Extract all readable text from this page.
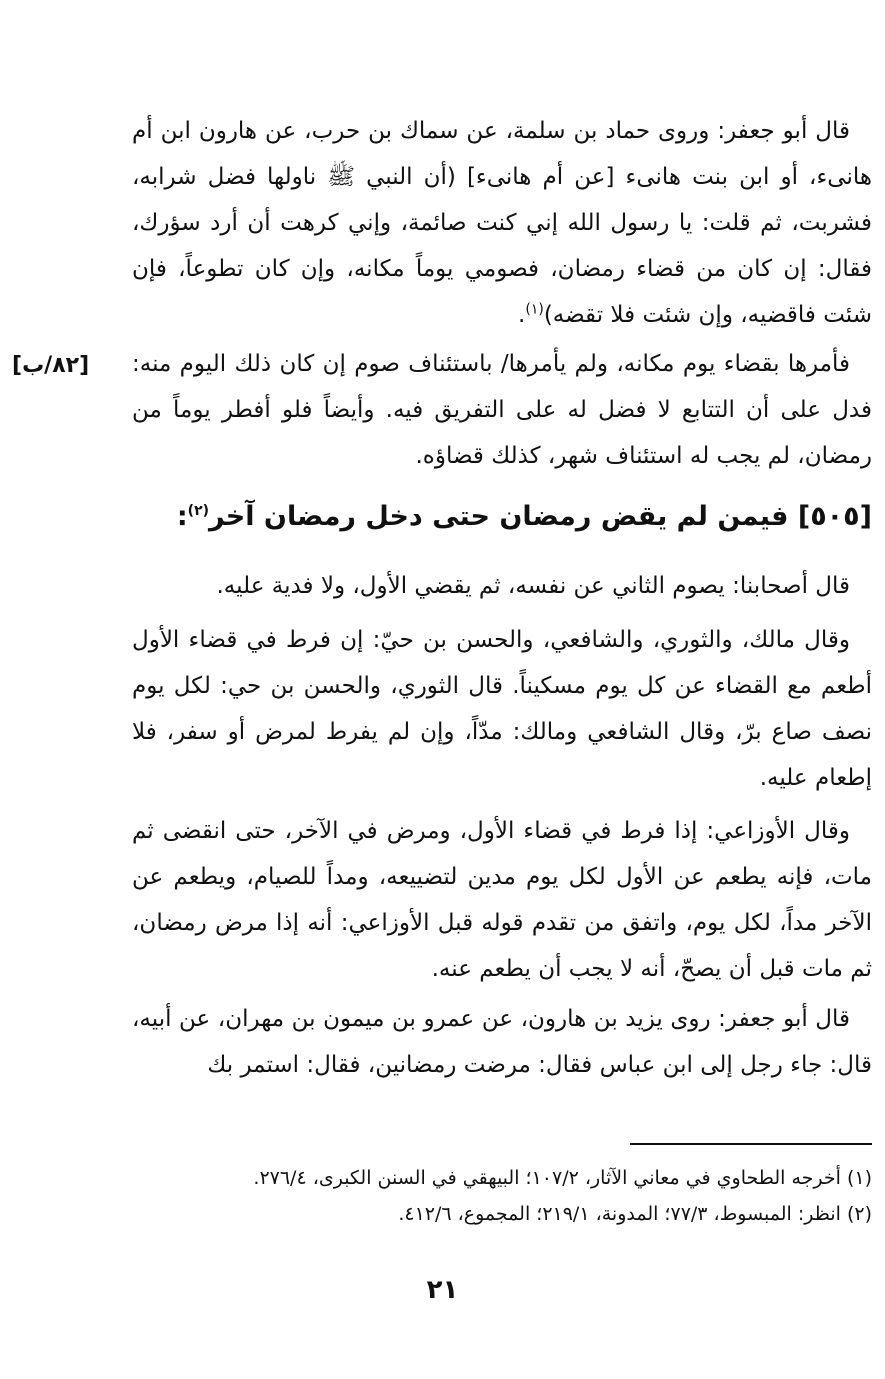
قال أبو جعفر: وروى حماد بن سلمة، عن سماك بن حرب، عن هارون ابن أم هانىء، أو ابن بنت هانىء [عن أم هانىء] (أن النبي ﷺ ناولها فضل شرابه، فشربت، ثم قلت: يا رسول الله إني كنت صائمة، وإني كرهت أن أرد سؤرك، فقال: إن كان من قضاء رمضان، فصومي يوماً مكانه، وإن كان تطوعاً، فإن شئت فاقضيه، وإن شئت فلا تقضه)$^{(١)}$.

[٨٢/ب]	فأمرها بقضاء يوم مكانه، ولم يأمرها/ باستئناف صوم إن كان ذلك اليوم منه: فدل على أن التتابع لا فضل له على التفريق فيه. وأيضاً فلو أفطر يوماً من رمضان، لم يجب له استئناف شهر، كذلك قضاؤه.

[٥٠٥] فيمن لم يقض رمضان حتى دخل رمضان آخر$^{(٢)}$:

قال أصحابنا: يصوم الثاني عن نفسه، ثم يقضي الأول، ولا فدية عليه.

وقال مالك، والثوري، والشافعي، والحسن بن حيّ: إن فرط في قضاء الأول أطعم مع القضاء عن كل يوم مسكيناً. قال الثوري، والحسن بن حي: لكل يوم نصف صاع برّ، وقال الشافعي ومالك: مدّاً، وإن لم يفرط لمرض أو سفر، فلا إطعام عليه.

وقال الأوزاعي: إذا فرط في قضاء الأول، ومرض في الآخر، حتى انقضى ثم مات، فإنه يطعم عن الأول لكل يوم مدين لتضييعه، ومداً للصيام، ويطعم عن الآخر مداً، لكل يوم، واتفق من تقدم قوله قبل الأوزاعي: أنه إذا مرض رمضان، ثم مات قبل أن يصحّ، أنه لا يجب أن يطعم عنه.

قال أبو جعفر: روى يزيد بن هارون، عن عمرو بن ميمون بن مهران، عن أبيه، قال: جاء رجل إلى ابن عباس فقال: مرضت رمضانين، فقال: استمر بك

(١) أخرجه الطحاوي في معاني الآثار، ١٠٧/٢؛ البيهقي في السنن الكبرى، ٢٧٦/٤.

(٢) انظر: المبسوط، ٧٧/٣؛ المدونة، ٢١٩/١؛ المجموع، ٤١٢/٦.

٢١
